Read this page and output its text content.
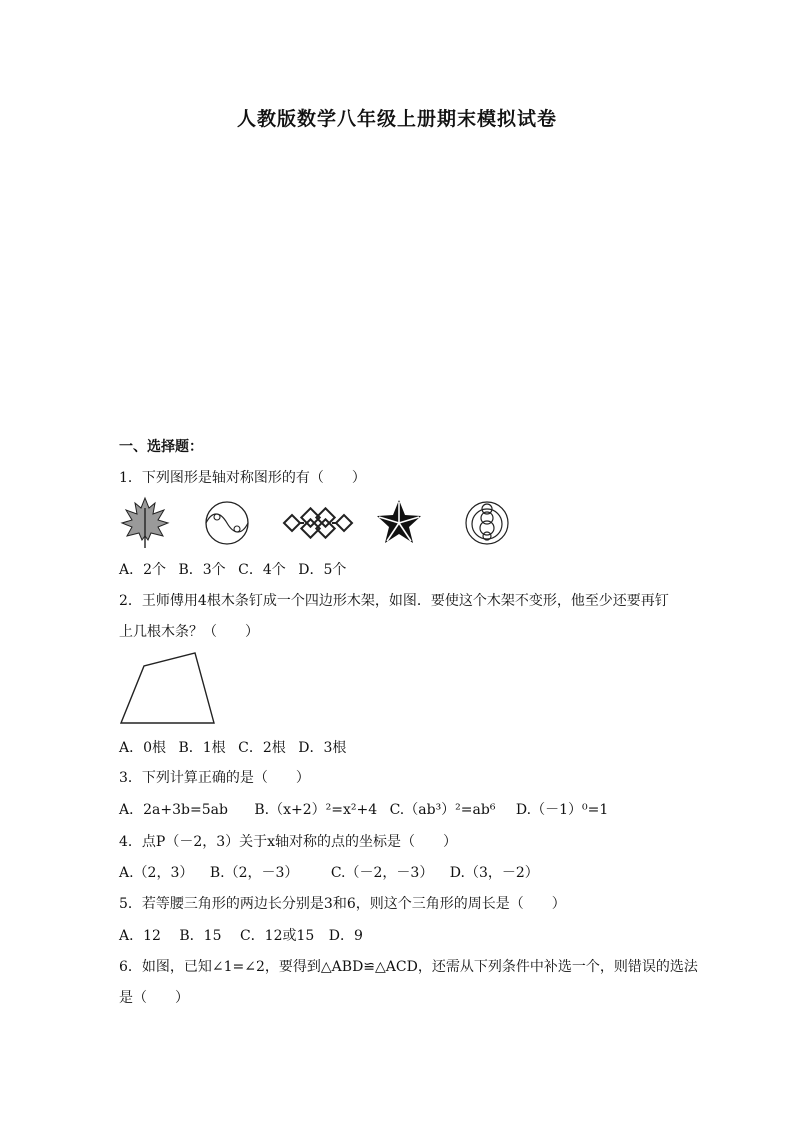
人教版数学八年级上册期末模拟试卷
一、选择题：
1．下列图形是轴对称图形的有（　　）
A．2个 B．3个 C．4个 D．5个
2．王师傅用4根木条钉成一个四边形木架，如图．要使这个木架不变形，他至少还要再钉
上几根木条？（　　）
A．0根 B．1根 C．2根 D．3根
3．下列计算正确的是（　　）
A．2a+3b=5ab B.（x+2）²=x²+4 C.（ab³）²=ab⁶ D.（－1）⁰=1
4．点P（－2，3）关于x轴对称的点的坐标是（　　）
A.（2，3） B.（2，－3） C.（－2，－3） D.（3，－2）
5．若等腰三角形的两边长分别是3和6，则这个三角形的周长是（　　）
A．12 B．15 C．12或15 D．9
6．如图，已知∠1=∠2，要得到△ABD≌△ACD，还需从下列条件中补选一个，则错误的选法
是（　　）
